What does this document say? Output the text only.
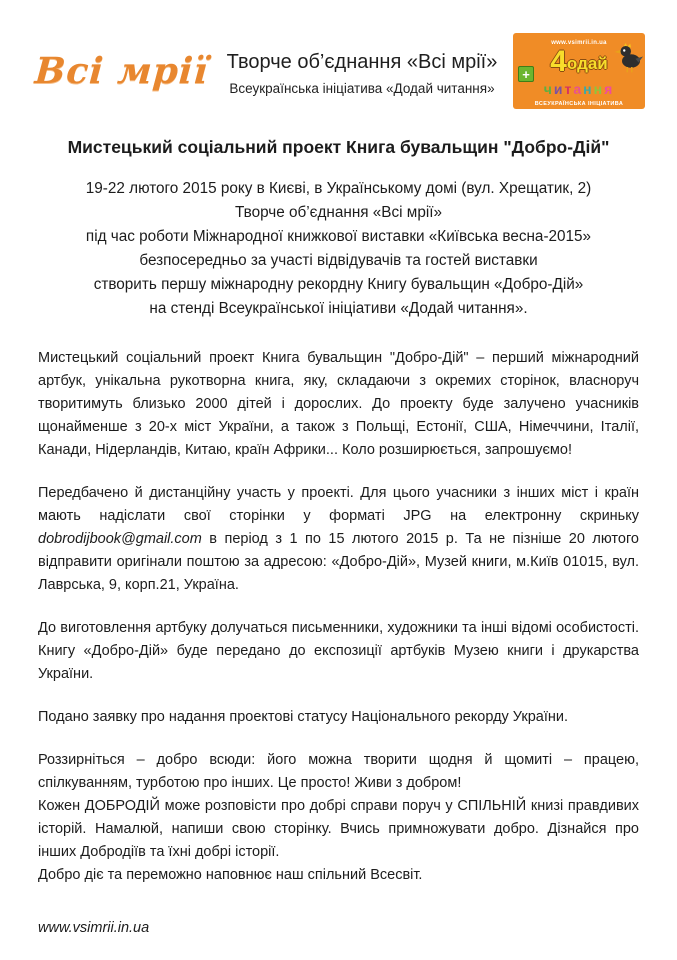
Всі мрії Творче об’єднання «Всі мрії»
Всеукраїнська ініціатива «Додай читання»
www.vsimrii.in.ua
4одай
+
читання
ВСЕУКРАЇНСЬКА ІНІЦІАТИВА
Мистецький соціальний проект Книга бувальщин "Добро-Дій"
19-22 лютого 2015 року в Києві, в Українському домі (вул. Хрещатик, 2)
Творче об’єднання «Всі мрії»
під час роботи Міжнародної книжкової виставки «Київська весна-2015»
безпосередньо за участі відвідувачів та гостей виставки
створить першу міжнародну рекордну Книгу бувальщин «Добро-Дій»
на стенді Всеукраїнської ініціативи «Додай читання».

Мистецький соціальний проект Книга бувальщин "Добро-Дій" – перший міжнародний артбук, унікальна рукотворна книга, яку, складаючи з окремих сторінок, власноруч творитимуть близько 2000 дітей і дорослих. До проекту буде залучено учасників щонайменше з 20-х міст України, а також з Польщі, Естонії, США, Німеччини, Італії, Канади, Нідерландів, Китаю, країн Африки... Коло розширюється, запрошуємо!

Передбачено й дистанційну участь у проекті. Для цього учасники з інших міст і країн мають надіслати свої сторінки у форматі JPG на електронну скриньку dobrodijbook@gmail.com в період з 1 по 15 лютого 2015 р. Та не пізніше 20 лютого відправити оригінали поштою за адресою: «Добро-Дій», Музей книги, м.Київ 01015, вул. Лаврська, 9, корп.21, Україна.

До виготовлення артбуку долучаться письменники, художники та інші відомі особистості. Книгу «Добро-Дій» буде передано до експозиції артбуків Музею книги і друкарства України.

Подано заявку про надання проектові статусу Національного рекорду України.

Роззирніться – добро всюди: його можна творити щодня й щомиті – працею, спілкуванням, турботою про інших. Це просто! Живи з добром!

Кожен ДОБРОДІЙ може розповісти про добрі справи поруч у СПІЛЬНІЙ книзі правдивих історій. Намалюй, напиши свою сторінку. Вчись примножувати добро. Дізнайся про інших Добродіїв та їхні добрі історії.

Добро діє та переможно наповнює наш спільний Всесвіт.

www.vsimrii.in.ua
